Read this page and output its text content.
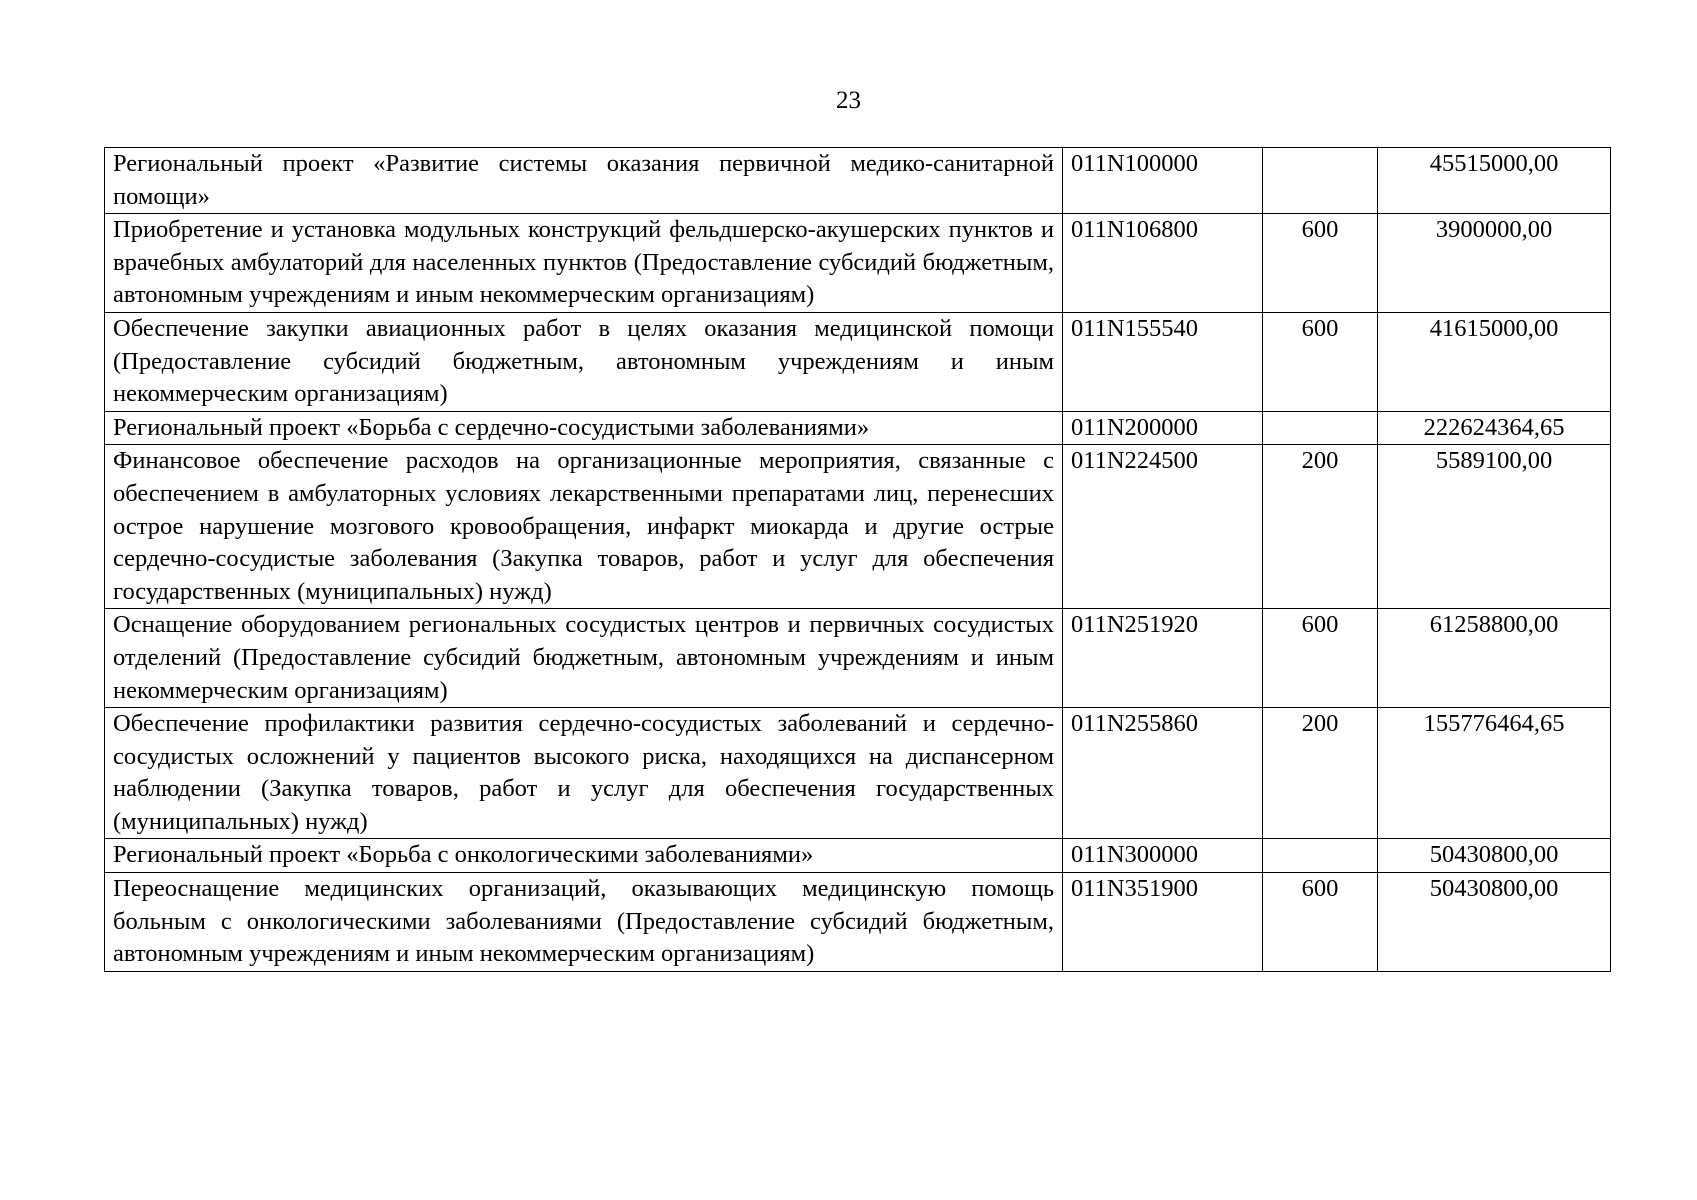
23
Региональный проект «Развитие системы оказания первичной медико-санитарной помощи»	011N100000		45515000,00
Приобретение и установка модульных конструкций фельдшерско-акушерских пунктов и врачебных амбулаторий для населенных пунктов (Предоставление субсидий бюджетным, автономным учреждениям и иным некоммерческим организациям)	011N106800	600	3900000,00
Обеспечение закупки авиационных работ в целях оказания медицинской помощи (Предоставление субсидий бюджетным, автономным учреждениям и иным некоммерческим организациям)	011N155540	600	41615000,00
Региональный проект «Борьба с сердечно-сосудистыми заболеваниями»	011N200000		222624364,65
Финансовое обеспечение расходов на организационные мероприятия, связанные с обеспечением в амбулаторных условиях лекарственными препаратами лиц, перенесших острое нарушение мозгового кровообращения, инфаркт миокарда и другие острые сердечно-сосудистые заболевания (Закупка товаров, работ и услуг для обеспечения государственных (муниципальных) нужд)	011N224500	200	5589100,00
Оснащение оборудованием региональных сосудистых центров и первичных сосудистых отделений (Предоставление субсидий бюджетным, автономным учреждениям и иным некоммерческим организациям)	011N251920	600	61258800,00
Обеспечение профилактики развития сердечно-сосудистых заболеваний и сердечно-сосудистых осложнений у пациентов высокого риска, находящихся на диспансерном наблюдении (Закупка товаров, работ и услуг для обеспечения государственных (муниципальных) нужд)	011N255860	200	155776464,65
Региональный проект «Борьба с онкологическими заболеваниями»	011N300000		50430800,00
Переоснащение медицинских организаций, оказывающих медицинскую помощь больным с онкологическими заболеваниями (Предоставление субсидий бюджетным, автономным учреждениям и иным некоммерческим организациям)	011N351900	600	50430800,00
